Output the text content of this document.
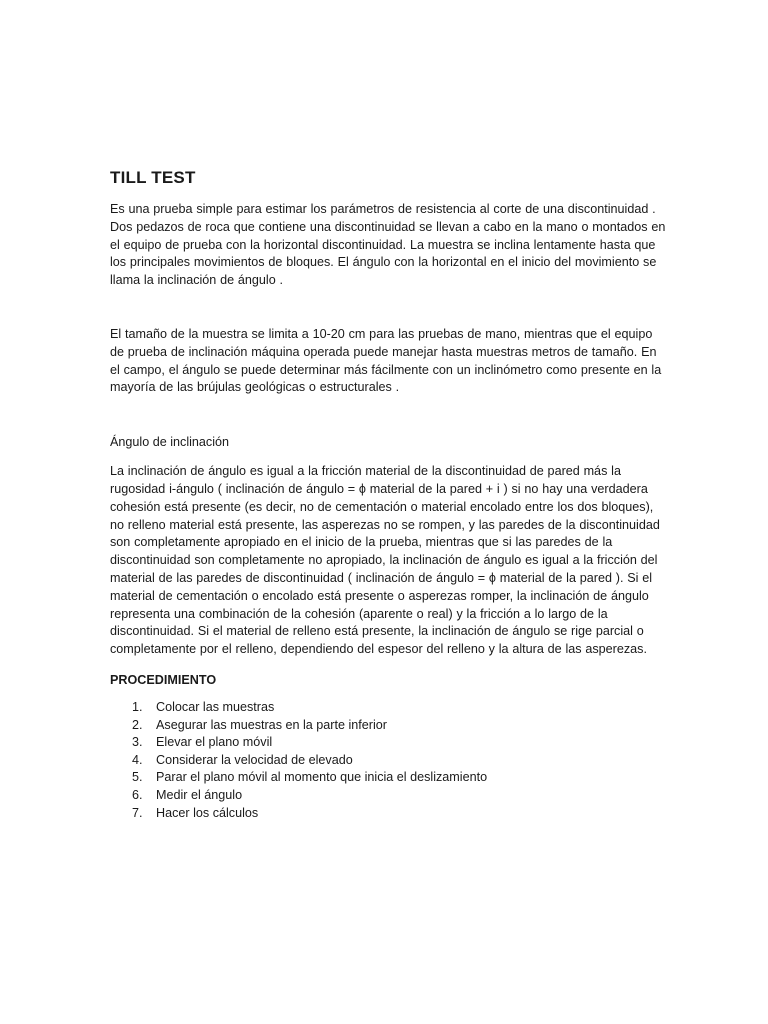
TILL TEST

Es una prueba simple para estimar los parámetros de resistencia al corte de una discontinuidad . Dos pedazos de roca que contiene una discontinuidad se llevan a cabo en la mano o montados en el equipo de prueba con la horizontal discontinuidad. La muestra se inclina lentamente hasta que los principales movimientos de bloques. El ángulo con la horizontal en el inicio del movimiento se llama la inclinación de ángulo .

El tamaño de la muestra se limita a 10-20 cm para las pruebas de mano, mientras que el equipo de prueba de inclinación máquina operada puede manejar hasta muestras metros de tamaño. En el campo, el ángulo se puede determinar más fácilmente con un inclinómetro como presente en la mayoría de las brújulas geológicas o estructurales .

Ángulo de inclinación

La inclinación de ángulo es igual a la fricción material de la discontinuidad de pared más la rugosidad i-ángulo ( inclinación de ángulo = ϕ material de la pared + i ) si no hay una verdadera cohesión está presente (es decir, no de cementación o material encolado entre los dos bloques), no relleno material está presente, las asperezas no se rompen, y las paredes de la discontinuidad son completamente apropiado en el inicio de la prueba, mientras que si las paredes de la discontinuidad son completamente no apropiado, la inclinación de ángulo es igual a la fricción del material de las paredes de discontinuidad ( inclinación de ángulo = ϕ material de la pared ). Si el material de cementación o encolado está presente o asperezas romper, la inclinación de ángulo representa una combinación de la cohesión (aparente o real) y la fricción a lo largo de la discontinuidad. Si el material de relleno está presente, la inclinación de ángulo se rige parcial o completamente por el relleno, dependiendo del espesor del relleno y la altura de las asperezas.

PROCEDIMIENTO

1.	Colocar las muestras
2.	Asegurar las muestras en la parte inferior
3.	Elevar el plano móvil
4.	Considerar la velocidad de elevado
5.	Parar el plano móvil al momento que inicia el deslizamiento
6.	Medir el ángulo
7.	Hacer los cálculos
